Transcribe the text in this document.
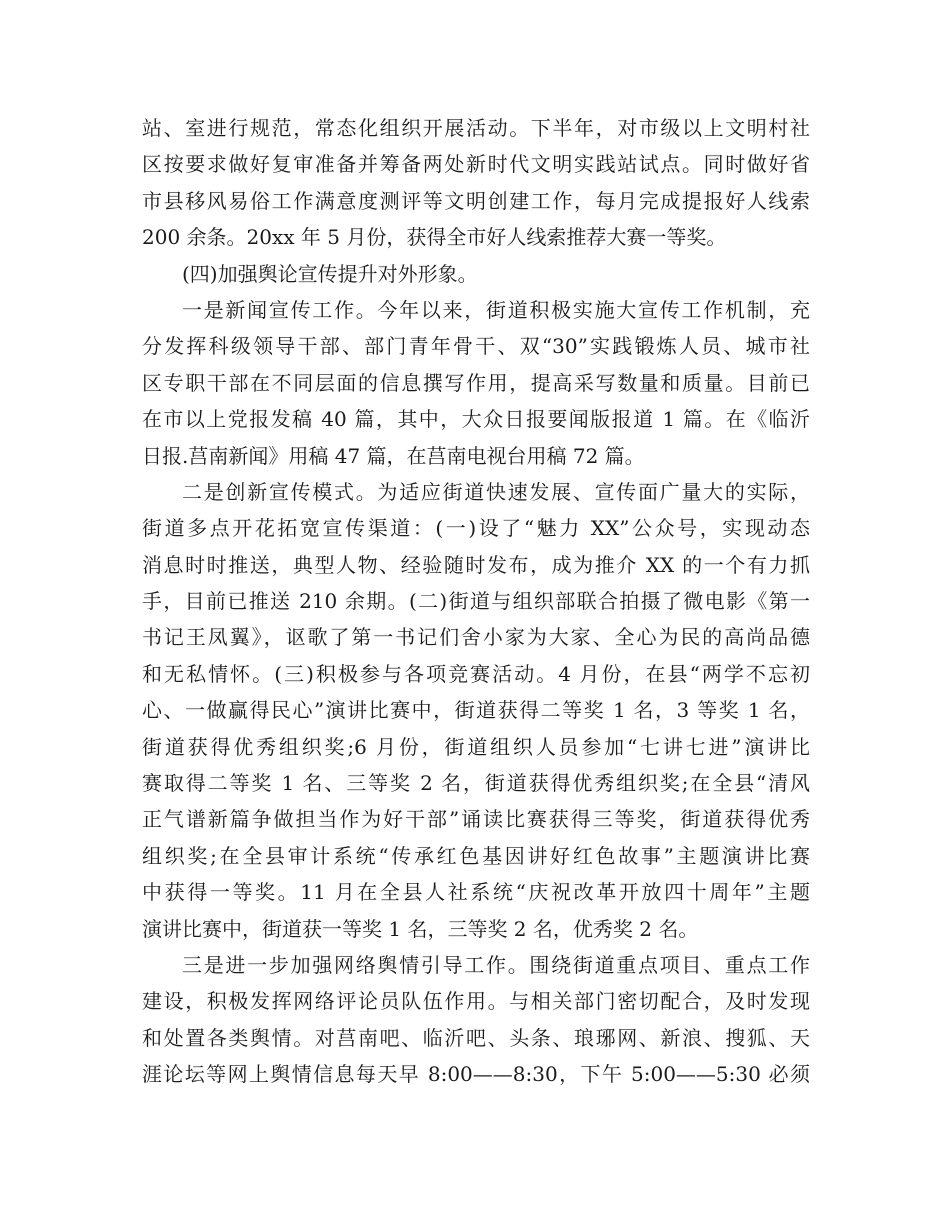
站、室进行规范，常态化组织开展活动。下半年，对市级以上文明村社
区按要求做好复审准备并筹备两处新时代文明实践站试点。同时做好省
市县移风易俗工作满意度测评等文明创建工作，每月完成提报好人线索
200 余条。20xx 年 5 月份，获得全市好人线索推荐大赛一等奖。
(四)加强舆论宣传提升对外形象。
一是新闻宣传工作。今年以来，街道积极实施大宣传工作机制，充
分发挥科级领导干部、部门青年骨干、双“30”实践锻炼人员、城市社
区专职干部在不同层面的信息撰写作用，提高采写数量和质量。目前已
在市以上党报发稿 40 篇，其中，大众日报要闻版报道 1 篇。在《临沂
日报.莒南新闻》用稿 47 篇，在莒南电视台用稿 72 篇。
二是创新宣传模式。为适应街道快速发展、宣传面广量大的实际，
街道多点开花拓宽宣传渠道：(一)设了“魅力 XX”公众号，实现动态
消息时时推送，典型人物、经验随时发布，成为推介 XX 的一个有力抓
手，目前已推送 210 余期。(二)街道与组织部联合拍摄了微电影《第一
书记王凤翼》，讴歌了第一书记们舍小家为大家、全心为民的高尚品德
和无私情怀。(三)积极参与各项竞赛活动。4 月份，在县“两学不忘初
心、一做赢得民心”演讲比赛中，街道获得二等奖 1 名，3 等奖 1 名，
街道获得优秀组织奖;6 月份，街道组织人员参加“七讲七进”演讲比
赛取得二等奖 1 名、三等奖 2 名，街道获得优秀组织奖;在全县“清风
正气谱新篇争做担当作为好干部”诵读比赛获得三等奖，街道获得优秀
组织奖;在全县审计系统“传承红色基因讲好红色故事”主题演讲比赛
中获得一等奖。11 月在全县人社系统“庆祝改革开放四十周年”主题
演讲比赛中，街道获一等奖 1 名，三等奖 2 名，优秀奖 2 名。
三是进一步加强网络舆情引导工作。围绕街道重点项目、重点工作
建设，积极发挥网络评论员队伍作用。与相关部门密切配合，及时发现
和处置各类舆情。对莒南吧、临沂吧、头条、琅琊网、新浪、搜狐、天
涯论坛等网上舆情信息每天早 8:00——8:30，下午 5:00——5:30 必须
